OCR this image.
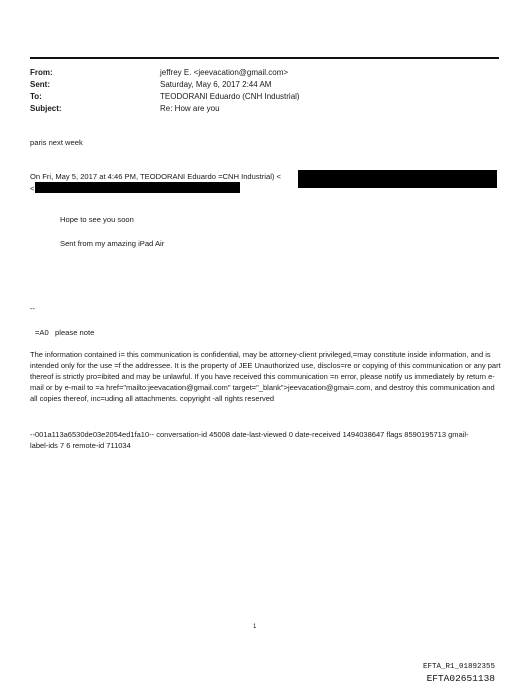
From:	jeffrey E. <jeevacation@gmail.com>
Sent:	Saturday, May 6, 2017 2:44 AM
To:	TEODORANI Eduardo (CNH Industrial)
Subject:	Re: How are you
paris next week
On Fri, May 5, 2017 at 4:46 PM, TEODORANI Eduardo =CNH Industrial) <
<
Hope to see you soon
Sent from my amazing iPad Air
--
=A0   please note
The information contained i= this communication is confidential, may be attorney-client privileged,=may constitute inside information, and is intended only for the use =f the addressee. It is the property of JEE Unauthorized use, disclos=re or copying of this communication or any part thereof is strictly pro=ibited and may be unlawful. If you have received this communication =n error, please notify us immediately by return e-mail or by e-mail to =a href="mailto:jeevacation@gmail.com" target="_blank">jeevacation@gmai=.com, and destroy this communication and all copies thereof, inc=uding all attachments. copyright -all rights reserved
--001a113a6530de03e2054ed1fa10-- conversation-id 45008 date-last-viewed 0 date-received 1494038647 flags 8590195713 gmail-label-ids 7 6 remote-id 711034
1
EFTA_R1_01892355
EFTA02651138
